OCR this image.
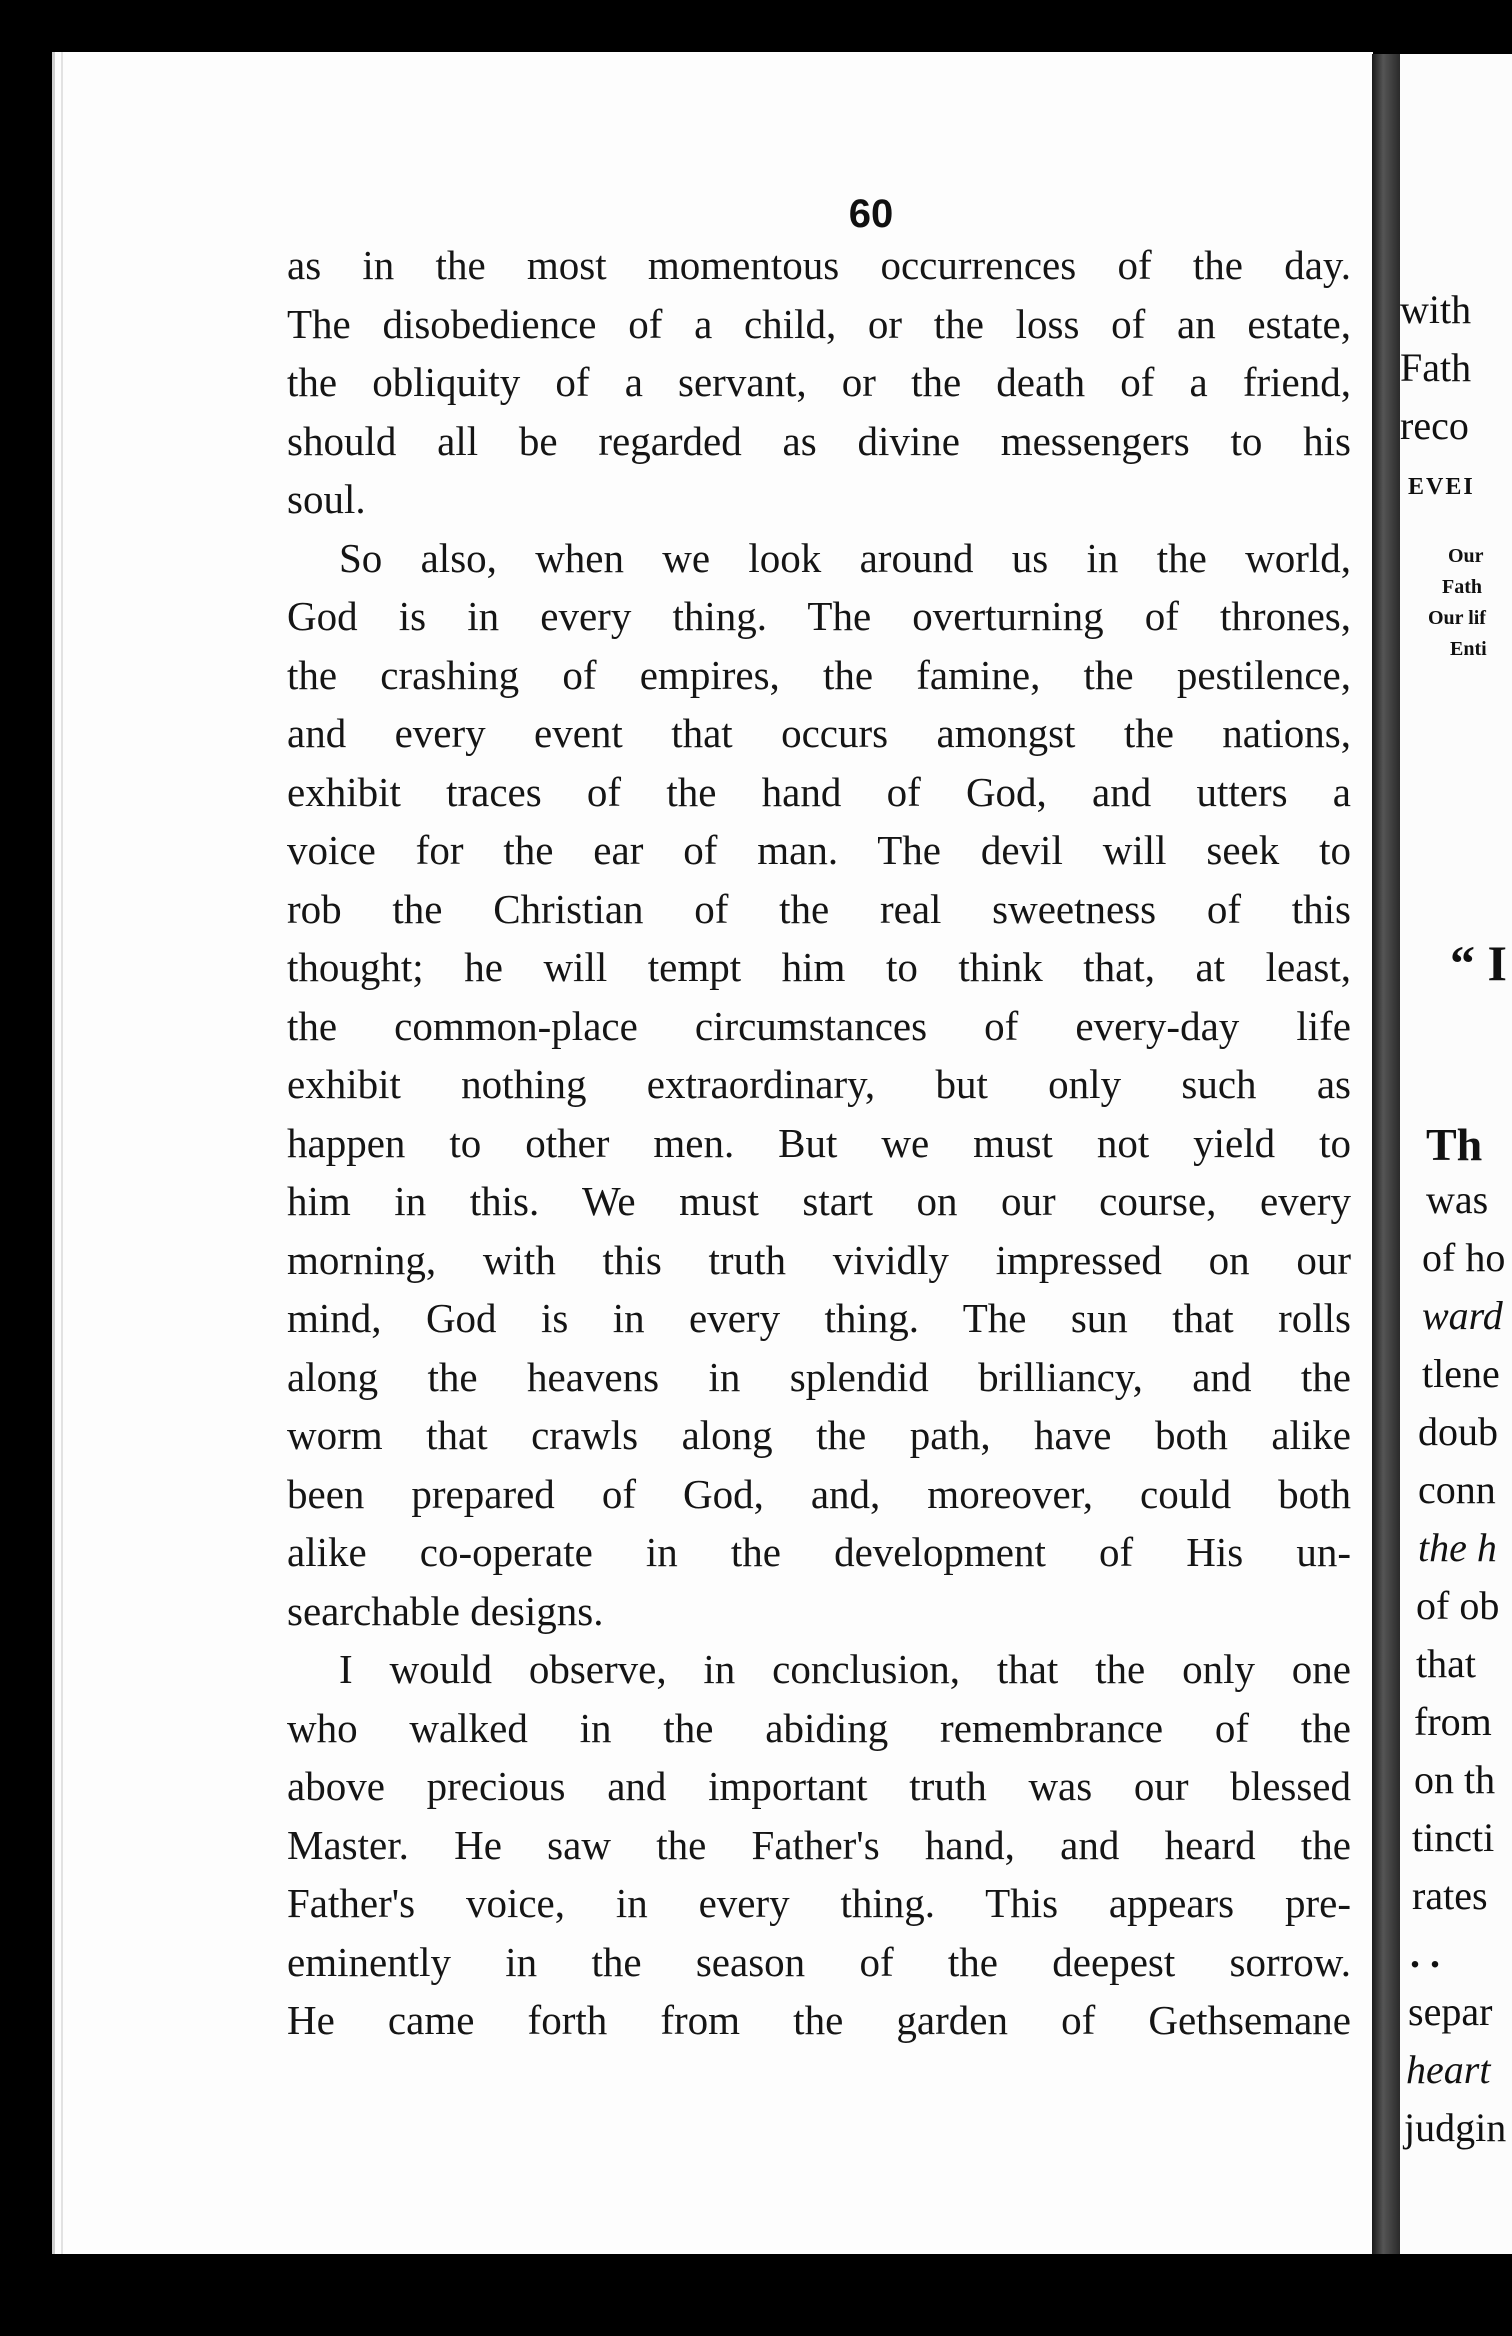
60
as in the most momentous occurrences of the day.
The disobedience of a child, or the loss of an estate,
the obliquity of a servant, or the death of a friend,
should all be regarded as divine messengers to his
soul.
So also, when we look around us in the world,
God is in every thing. The overturning of thrones,
the crashing of empires, the famine, the pestilence,
and every event that occurs amongst the nations,
exhibit traces of the hand of God, and utters a
voice for the ear of man. The devil will seek to
rob the Christian of the real sweetness of this
thought; he will tempt him to think that, at least,
the common-place circumstances of every-day life
exhibit nothing extraordinary, but only such as
happen to other men. But we must not yield to
him in this. We must start on our course, every
morning, with this truth vividly impressed on our
mind, God is in every thing. The sun that rolls
along the heavens in splendid brilliancy, and the
worm that crawls along the path, have both alike
been prepared of God, and, moreover, could both
alike co-operate in the development of His un-
searchable designs.
I would observe, in conclusion, that the only one
who walked in the abiding remembrance of the
above precious and important truth was our blessed
Master. He saw the Father's hand, and heard the
Father's voice, in every thing. This appears pre-
eminently in the season of the deepest sorrow.
He came forth from the garden of Gethsemane
with
Fath
reco
EVEI
Our
Fath
Our lif
Enti
“ I
Th
was
of ho
ward
tlene
doub
conn
the h
of ob
that
from
on th
tincti
rates
. .
separ
heart
judgin
